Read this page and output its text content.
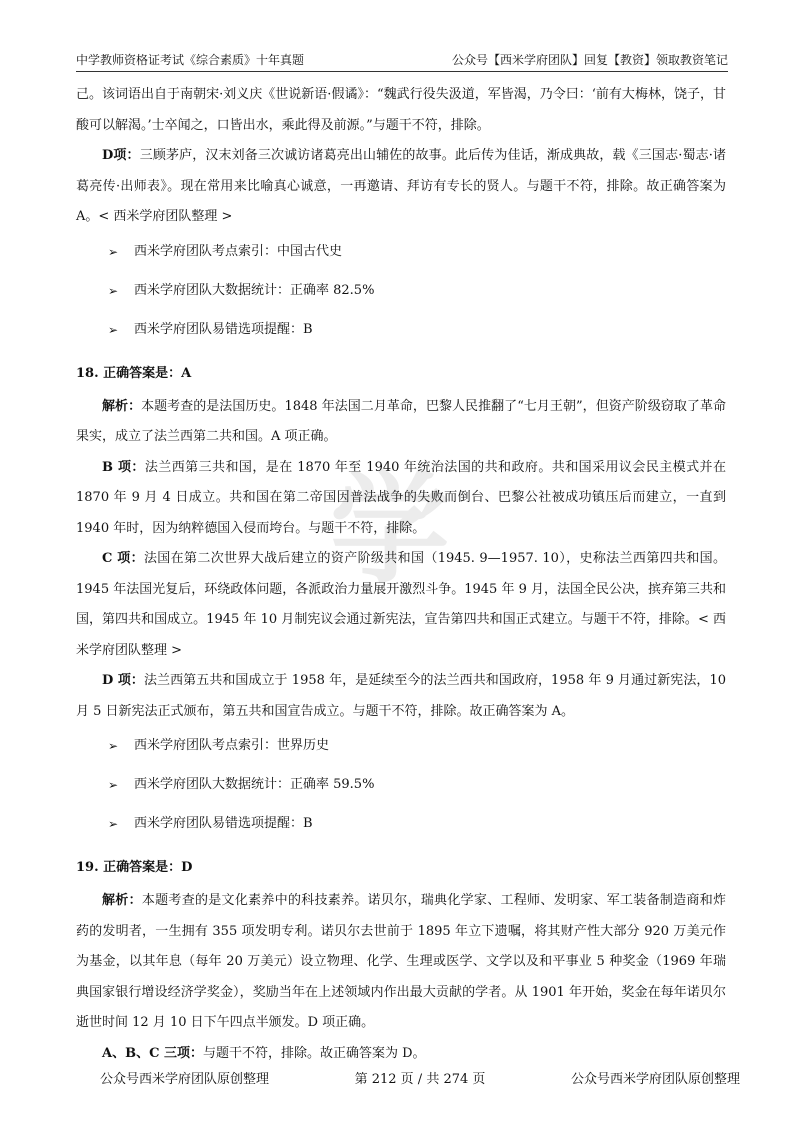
中学教师资格证考试《综合素质》十年真题	公众号【西米学府团队】回复【教资】领取教资笔记
学

己。该词语出自于南朝宋·刘义庆《世说新语·假谲》：“魏武行役失汲道，军皆渴，乃令曰：‘前有大梅林，饶子，甘酸可以解渴。’士卒闻之，口皆出水，乘此得及前源。”与题干不符，排除。

D项：三顾茅庐，汉末刘备三次诚访诸葛亮出山辅佐的故事。此后传为佳话，渐成典故，载《三国志·蜀志·诸葛亮传·出师表》。现在常用来比喻真心诚意，一再邀请、拜访有专长的贤人。与题干不符，排除。故正确答案为A。< 西米学府团队整理 >

➢	西米学府团队考点索引：中国古代史
➢	西米学府团队大数据统计：正确率 82.5%
➢	西米学府团队易错选项提醒：B

18. 正确答案是：A

解析：本题考查的是法国历史。1848 年法国二月革命，巴黎人民推翻了“七月王朝”，但资产阶级窃取了革命果实，成立了法兰西第二共和国。A 项正确。

B 项：法兰西第三共和国，是在 1870 年至 1940 年统治法国的共和政府。共和国采用议会民主模式并在 1870 年 9 月 4 日成立。共和国在第二帝国因普法战争的失败而倒台、巴黎公社被成功镇压后而建立，一直到 1940 年时，因为纳粹德国入侵而垮台。与题干不符，排除。

C 项：法国在第二次世界大战后建立的资产阶级共和国（1945. 9—1957. 10），史称法兰西第四共和国。1945 年法国光复后，环绕政体问题，各派政治力量展开激烈斗争。1945 年 9 月，法国全民公决，摈弃第三共和国，第四共和国成立。1945 年 10 月制宪议会通过新宪法，宣告第四共和国正式建立。与题干不符，排除。< 西米学府团队整理 >

D 项：法兰西第五共和国成立于 1958 年，是延续至今的法兰西共和国政府，1958 年 9 月通过新宪法，10 月 5 日新宪法正式颁布，第五共和国宣告成立。与题干不符，排除。故正确答案为 A。

➢	西米学府团队考点索引：世界历史
➢	西米学府团队大数据统计：正确率 59.5%
➢	西米学府团队易错选项提醒：B

19. 正确答案是：D

解析：本题考查的是文化素养中的科技素养。诺贝尔，瑞典化学家、工程师、发明家、军工装备制造商和炸药的发明者，一生拥有 355 项发明专利。诺贝尔去世前于 1895 年立下遗嘱，将其财产性大部分 920 万美元作为基金，以其年息（每年 20 万美元）设立物理、化学、生理或医学、文学以及和平事业 5 种奖金（1969 年瑞典国家银行增设经济学奖金），奖励当年在上述领域内作出最大贡献的学者。从 1901 年开始，奖金在每年诺贝尔逝世时间 12 月 10 日下午四点半颁发。D 项正确。

A、B、C 三项：与题干不符，排除。故正确答案为 D。

公众号西米学府团队原创整理	第 212 页 / 共 274 页	公众号西米学府团队原创整理
